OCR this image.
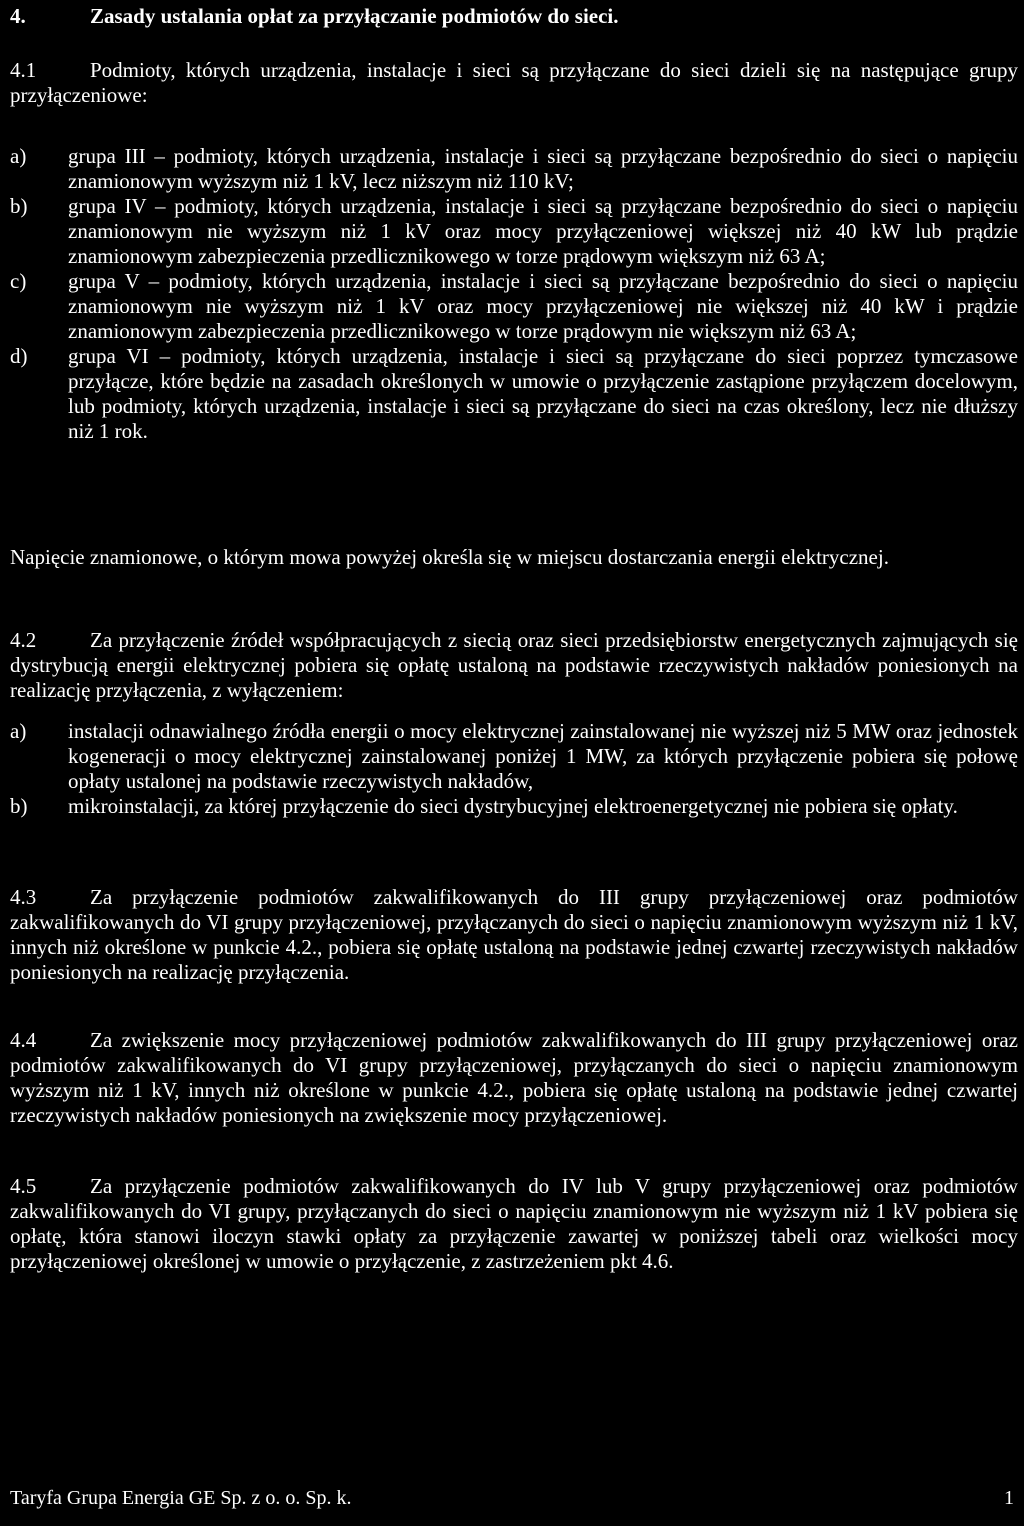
4.	Zasady ustalania opłat za przyłączanie podmiotów do sieci.
4.1	Podmioty, których urządzenia, instalacje i sieci są przyłączane do sieci dzieli się na następujące grupy przyłączeniowe:
a) grupa III – podmioty, których urządzenia, instalacje i sieci są przyłączane bezpośrednio do sieci o napięciu znamionowym wyższym niż 1 kV, lecz niższym niż 110 kV;
b) grupa IV – podmioty, których urządzenia, instalacje i sieci są przyłączane bezpośrednio do sieci o napięciu znamionowym nie wyższym niż 1 kV oraz mocy przyłączeniowej większej niż 40 kW lub prądzie znamionowym zabezpieczenia przedlicznikowego w torze prądowym większym niż 63 A;
c) grupa V – podmioty, których urządzenia, instalacje i sieci są przyłączane bezpośrednio do sieci o napięciu znamionowym nie wyższym niż 1 kV oraz mocy przyłączeniowej nie większej niż 40 kW i prądzie znamionowym zabezpieczenia przedlicznikowego w torze prądowym nie większym niż 63 A;
d) grupa VI – podmioty, których urządzenia, instalacje i sieci są przyłączane do sieci poprzez tymczasowe przyłącze, które będzie na zasadach określonych w umowie o przyłączenie zastąpione przyłączem docelowym, lub podmioty, których urządzenia, instalacje i sieci są przyłączane do sieci na czas określony, lecz nie dłuższy niż 1 rok.
Napięcie znamionowe, o którym mowa powyżej określa się w miejscu dostarczania energii elektrycznej.
4.2	Za przyłączenie źródeł współpracujących z siecią oraz sieci przedsiębiorstw energetycznych zajmujących się dystrybucją energii elektrycznej pobiera się opłatę ustaloną na podstawie rzeczywistych nakładów poniesionych na realizację przyłączenia, z wyłączeniem:
a) instalacji odnawialnego źródła energii o mocy elektrycznej zainstalowanej nie wyższej niż 5 MW oraz jednostek kogeneracji o mocy elektrycznej zainstalowanej poniżej 1 MW, za których przyłączenie pobiera się połowę opłaty ustalonej na podstawie rzeczywistych nakładów,
b) mikroinstalacji, za której przyłączenie do sieci dystrybucyjnej elektroenergetycznej nie pobiera się opłaty.
4.3	Za przyłączenie podmiotów zakwalifikowanych do III grupy przyłączeniowej oraz podmiotów zakwalifikowanych do VI grupy przyłączeniowej, przyłączanych do sieci o napięciu znamionowym wyższym niż 1 kV, innych niż określone w punkcie 4.2., pobiera się opłatę ustaloną na podstawie jednej czwartej rzeczywistych nakładów poniesionych na realizację przyłączenia.
4.4	Za zwiększenie mocy przyłączeniowej podmiotów zakwalifikowanych do III grupy przyłączeniowej oraz podmiotów zakwalifikowanych do VI grupy przyłączeniowej, przyłączanych do sieci o napięciu znamionowym wyższym niż 1 kV, innych niż określone w punkcie 4.2., pobiera się opłatę ustaloną na podstawie jednej czwartej rzeczywistych nakładów poniesionych na zwiększenie mocy przyłączeniowej.
4.5	Za przyłączenie podmiotów zakwalifikowanych do IV lub V grupy przyłączeniowej oraz podmiotów zakwalifikowanych do VI grupy, przyłączanych do sieci o napięciu znamionowym nie wyższym niż 1 kV pobiera się opłatę, która stanowi iloczyn stawki opłaty za przyłączenie zawartej w poniższej tabeli oraz wielkości mocy przyłączeniowej określonej w umowie o przyłączenie, z zastrzeżeniem pkt 4.6.
Taryfa Grupa Energia GE Sp. z o. o. Sp. k.	1
